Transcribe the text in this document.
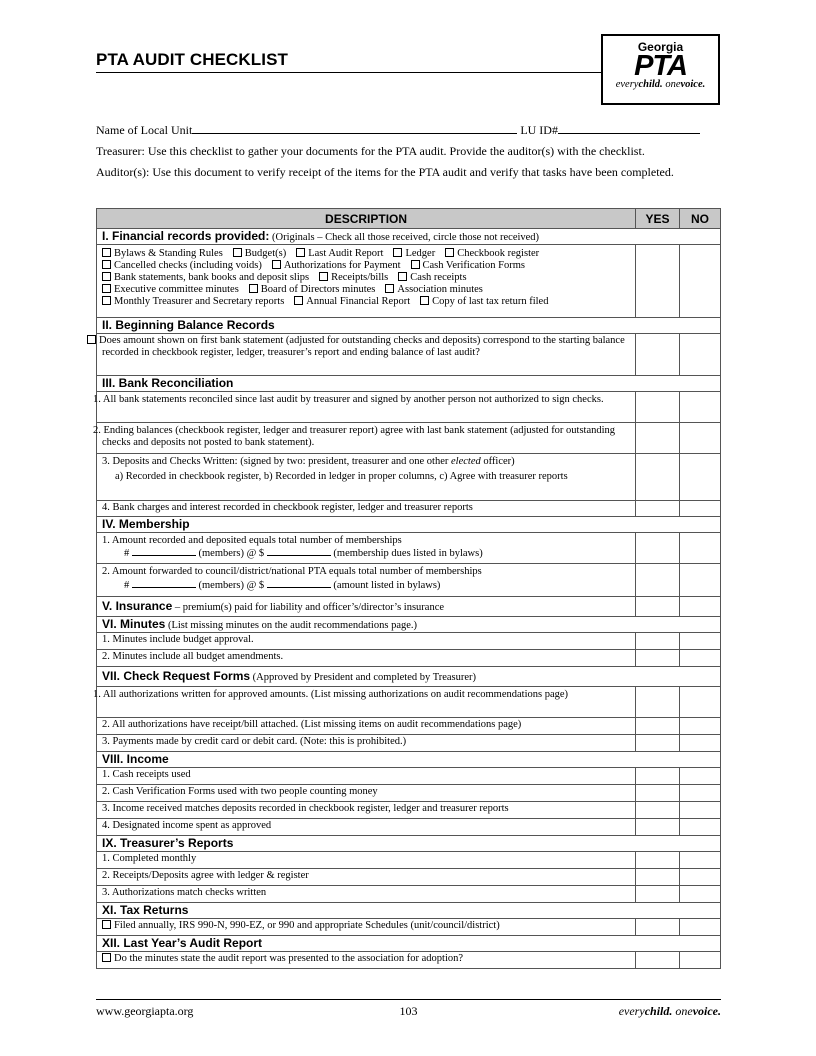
PTA AUDIT CHECKLIST
Georgia
PTA
everychild. onevoice.
Name of Local Unit	LU ID#
Treasurer: Use this checklist to gather your documents for the PTA audit. Provide the auditor(s) with the checklist.
Auditor(s): Use this document to verify receipt of the items for the PTA audit and verify that tasks have been completed.
DESCRIPTION	YES	NO
I. Financial records provided: (Originals – Check all those received, circle those not received)		

Bylaws & Standing Rules Budget(s) Last Audit Report Ledger Checkbook register
Cancelled checks (including voids) Authorizations for Payment Cash Verification Forms
Bank statements, bank books and deposit slips Receipts/bills Cash receipts
Executive committee minutes Board of Directors minutes Association minutes
Monthly Treasurer and Secretary reports Annual Financial Report Copy of last tax return filed		

II. Beginning Balance Records		
Does amount shown on first bank statement (adjusted for outstanding checks and deposits) correspond to the starting balance recorded in checkbook register, ledger, treasurer’s report and ending balance of last audit?		
III. Bank Reconciliation		
1. All bank statements reconciled since last audit by treasurer and signed by another person not authorized to sign checks.		
2. Ending balances (checkbook register, ledger and treasurer report) agree with last bank statement (adjusted for outstanding checks and deposits not posted to bank statement).		

3. Deposits and Checks Written: (signed by two: president, treasurer and one other elected officer)
a) Recorded in checkbook register, b) Recorded in ledger in proper columns, c) Agree with treasurer reports		

4. Bank charges and interest recorded in checkbook register, ledger and treasurer reports		
IV. Membership		

1. Amount recorded and deposited equals total number of memberships
# (members) @ $ (membership dues listed in bylaws)		

2. Amount forwarded to council/district/national PTA equals total number of memberships
# (members) @ $ (amount listed in bylaws)		

V. Insurance – premium(s) paid for liability and officer’s/director’s insurance		
VI. Minutes (List missing minutes on the audit recommendations page.)		
1. Minutes include budget approval.		
2. Minutes include all budget amendments.		
VII. Check Request Forms (Approved by President and completed by Treasurer)		
1. All authorizations written for approved amounts. (List missing authorizations on audit recommendations page)		
2. All authorizations have receipt/bill attached. (List missing items on audit recommendations page)		
3. Payments made by credit card or debit card. (Note: this is prohibited.)		
VIII. Income		
1. Cash receipts used		
2. Cash Verification Forms used with two people counting money		
3. Income received matches deposits recorded in checkbook register, ledger and treasurer reports		
4. Designated income spent as approved		
IX. Treasurer’s Reports		
1. Completed monthly		
2. Receipts/Deposits agree with ledger & register		
3. Authorizations match checks written		
XI. Tax Returns		
Filed annually, IRS 990-N, 990-EZ, or 990 and appropriate Schedules (unit/council/district)		
XII. Last Year’s Audit Report		
Do the minutes state the audit report was presented to the association for adoption?		
www.georgiapta.org	103	everychild. onevoice.
